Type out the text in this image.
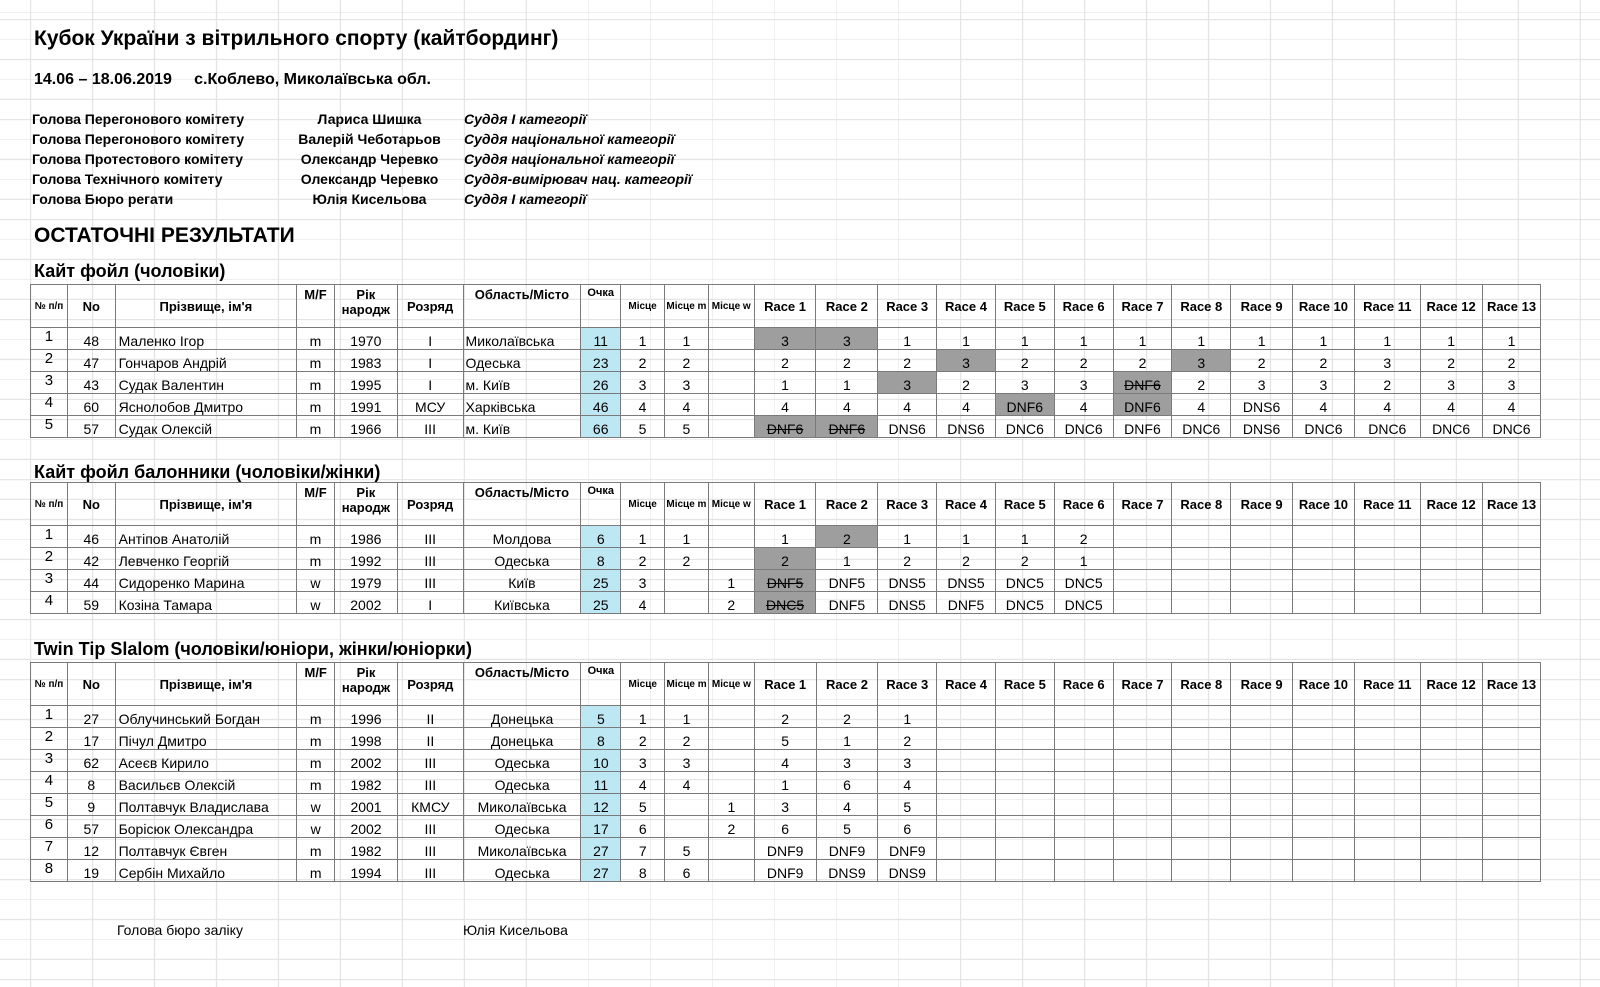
Кубок України з вітрильного спорту (кайтбординг)
14.06 – 18.06.2019     с.Коблево, Миколаївська обл.
Голова Перегонового комітету	Лариса Шишка	Суддя І категорії
Голова Перегонового комітету	Валерій Чеботарьов	Суддя національної категорії
Голова Протестового комітету	Олександр Черевко	Суддя національної категорії
Голова Технічного комітету	Олександр Черевко	Суддя-вимірювач нац. категорії
Голова Бюро регати	Юлія Кисельова	Суддя І категорії
ОСТАТОЧНІ РЕЗУЛЬТАТИ
Кайт фойл (чоловіки)
№ п/п	No	Прізвище, ім'я	M/F	Рік народж	Розряд	Область/Місто	Очка	Місце	Місце m	Місце w	Race 1	Race 2	Race 3	Race 4	Race 5	Race 6	Race 7	Race 8	Race 9	Race 10	Race 11	Race 12	Race 13
1	48	Маленко Ігор	m	1970	І	Миколаївська	11	1	1		3	3	1	1	1	1	1	1	1	1	1	1	1
2	47	Гончаров Андрій	m	1983	І	Одеська	23	2	2		2	2	2	3	2	2	2	3	2	2	3	2	2
3	43	Судак Валентин	m	1995	І	м. Київ	26	3	3		1	1	3	2	3	3	DNF6	2	3	3	2	3	3
4	60	Яснолобов Дмитро	m	1991	МСУ	Харківська	46	4	4		4	4	4	4	DNF6	4	DNF6	4	DNS6	4	4	4	4
5	57	Судак Олексій	m	1966	ІІІ	м. Київ	66	5	5		DNF6	DNF6	DNS6	DNS6	DNC6	DNC6	DNF6	DNC6	DNS6	DNC6	DNC6	DNC6	DNC6
Кайт фойл балонники (чоловіки/жінки)
№ п/п	No	Прізвище, ім'я	M/F	Рік народж	Розряд	Область/Місто	Очка	Місце	Місце m	Місце w	Race 1	Race 2	Race 3	Race 4	Race 5	Race 6	Race 7	Race 8	Race 9	Race 10	Race 11	Race 12	Race 13
1	46	Антіпов Анатолій	m	1986	ІІІ	Молдова	6	1	1		1	2	1	1	1	2							
2	42	Левченко Георгій	m	1992	ІІІ	Одеська	8	2	2		2	1	2	2	2	1							
3	44	Сидоренко Марина	w	1979	ІІІ	Київ	25	3		1	DNF5	DNF5	DNS5	DNS5	DNC5	DNC5							
4	59	Козіна Тамара	w	2002	І	Київська	25	4		2	DNC5	DNF5	DNS5	DNF5	DNC5	DNC5							
Twin Tip Slalom (чоловіки/юніори, жінки/юніорки)
№ п/п	No	Прізвище, ім'я	M/F	Рік народж	Розряд	Область/Місто	Очка	Місце	Місце m	Місце w	Race 1	Race 2	Race 3	Race 4	Race 5	Race 6	Race 7	Race 8	Race 9	Race 10	Race 11	Race 12	Race 13
1	27	Облучинський Богдан	m	1996	ІІ	Донецька	5	1	1		2	2	1										
2	17	Пічул Дмитро	m	1998	ІІ	Донецька	8	2	2		5	1	2										
3	62	Асеєв Кирило	m	2002	ІІІ	Одеська	10	3	3		4	3	3										
4	8	Васильєв Олексій	m	1982	ІІІ	Одеська	11	4	4		1	6	4										
5	9	Полтавчук Владислава	w	2001	КМСУ	Миколаївська	12	5		1	3	4	5										
6	57	Борісюк Олександра	w	2002	ІІІ	Одеська	17	6		2	6	5	6										
7	12	Полтавчук Євген	m	1982	ІІІ	Миколаївська	27	7	5		DNF9	DNF9	DNF9										
8	19	Сербін Михайло	m	1994	ІІІ	Одеська	27	8	6		DNF9	DNS9	DNS9										
Голова бюро заліку	Юлія Кисельова
